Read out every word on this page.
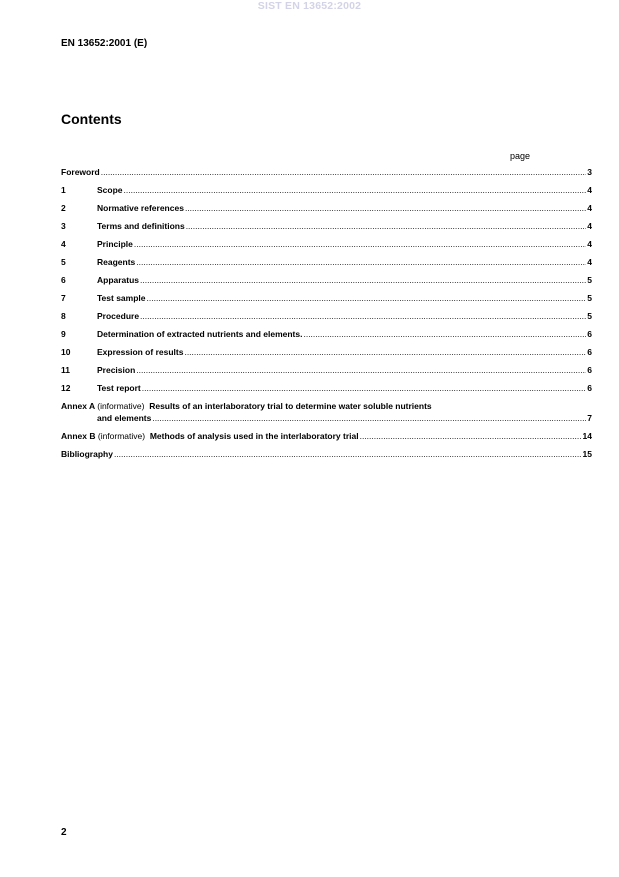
SIST EN 13652:2002
EN 13652:2001 (E)
Contents
page
Foreword .....	3
1	Scope .....	4
2	Normative references .....	4
3	Terms and definitions .....	4
4	Principle .....	4
5	Reagents .....	4
6	Apparatus .....	5
7	Test sample .....	5
8	Procedure .....	5
9	Determination of extracted nutrients and elements. .....	6
10	Expression of results .....	6
11	Precision .....	6
12	Test report .....	6
Annex A (informative) Results of an interlaboratory trial to determine water soluble nutrients
and elements .....	7
Annex B (informative) Methods of analysis used in the interlaboratory trial .....	14
Bibliography .....	15
2
